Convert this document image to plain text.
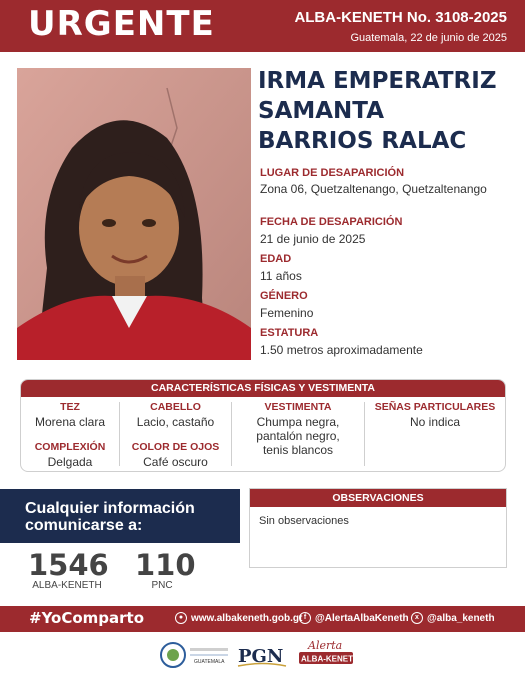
URGENTE	ALBA-KENETH No. 3108-2025
Guatemala, 22 de junio de 2025
IRMA EMPERATRIZ
SAMANTA
BARRIOS RALAC
LUGAR DE DESAPARICIÓN
Zona 06, Quetzaltenango, Quetzaltenango
FECHA DE DESAPARICIÓN
21 de junio de 2025
EDAD
11 años
GÉNERO
Femenino
ESTATURA
1.50 metros aproximadamente
CARACTERÍSTICAS FÍSICAS Y VESTIMENTA
TEZ
Morena clara
COMPLEXIÓN
Delgada
CABELLO
Lacio, castaño
COLOR DE OJOS
Café oscuro
VESTIMENTA
Chumpa negra,
pantalón negro,
tenis blancos
SEÑAS PARTICULARES
No indica
Cualquier información
comunicarse a:
1546
ALBA-KENETH
110
PNC
OBSERVACIONES
Sin observaciones
#YoComparto	● www.albakeneth.gob.gt f @AlertaAlbaKeneth x @alba_keneth
GUATEMALA PGN
Alerta
ALBA-KENETH
